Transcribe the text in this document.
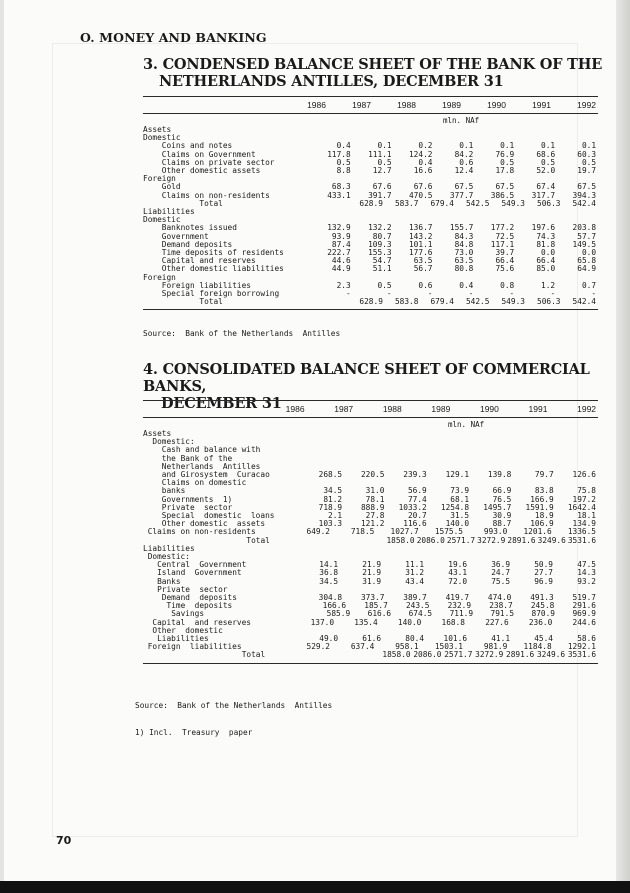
O. MONEY AND BANKING
3. CONDENSED BALANCE SHEET OF THE BANK OF THE
NETHERLANDS ANTILLES, DECEMBER 31
1986	1987	1988	1989	1990	1991	1992
mln. NAf
Assets
Domestic
Coins and notes	0.4	0.1	0.2	0.1	0.1	0.1	0.1
Claims on Government	117.8	111.1	124.2	84.2	76.9	68.6	60.3
Claims on private sector	0.5	0.5	0.4	0.6	0.5	0.5	0.5
Other domestic assets	8.8	12.7	16.6	12.4	17.8	52.0	19.7
Foreign
Gold	68.3	67.6	67.6	67.5	67.5	67.4	67.5
Claims on non-residents	433.1	391.7	470.5	377.7	386.5	317.7	394.3
Total	628.9	583.7	679.4	542.5	549.3	506.3	542.4
Liabilities
Domestic
Banknotes issued	132.9	132.2	136.7	155.7	177.2	197.6	203.8
Government	93.9	80.7	143.2	84.3	72.5	74.3	57.7
Demand deposits	87.4	109.3	101.1	84.8	117.1	81.8	149.5
Time deposits of residents	222.7	155.3	177.6	73.0	39.7	0.0	0.0
Capital and reserves	44.6	54.7	63.5	63.5	66.4	66.4	65.8
Other domestic liabilities	44.9	51.1	56.7	80.8	75.6	85.0	64.9
Foreign
Foreign liabilities	2.3	0.5	0.6	0.4	0.8	1.2	0.7
Special foreign borrowing	-	-	-	-	-	-	-
Total	628.9	583.8	679.4	542.5	549.3	506.3	542.4
Source:  Bank of the Netherlands  Antilles
4. CONSOLIDATED BALANCE SHEET OF COMMERCIAL BANKS,
DECEMBER 31 1986	1987	1988	1989	1990	1991	1992
mln. NAf
Assets
Domestic:
Cash and balance with
the Bank of the
Netherlands  Antilles
and Girosystem  Curacao	268.5	220.5	239.3	129.1	139.8	79.7	126.6
Claims on domestic
banks	34.5	31.0	56.9	73.9	66.9	83.8	75.8
Governments  1)	81.2	78.1	77.4	68.1	76.5	166.9	197.2
Private  sector	718.9	888.9	1033.2	1254.8	1495.7	1591.9	1642.4
Special  domestic  loans	2.1	27.8	20.7	31.5	30.9	18.9	18.1
Other domestic  assets	103.3	121.2	116.6	140.0	88.7	106.9	134.9
Claims on non-residents	649.2	718.5	1027.7	1575.5	993.0	1201.6	1336.5
Total	1858.0 2086.0 2571.7 3272.9 2891.6 3249.6 3531.6
Liabilities
Domestic:
Central  Government	14.1	21.9	11.1	19.6	36.9	50.9	47.5
Island  Government	36.8	21.9	31.2	43.1	24.7	27.7	14.3
Banks	34.5	31.9	43.4	72.0	75.5	96.9	93.2
Private  sector
Demand  deposits	304.8	373.7	389.7	419.7	474.0	491.3	519.7
Time  deposits	166.6	185.7	243.5	232.9	238.7	245.8	291.6
Savings	585.9	616.6	674.5	711.9	791.5	870.9	969.9
Capital  and reserves	137.0	135.4	140.0	168.8	227.6	236.0	244.6
Other  domestic
Liabilities	49.0	61.6	80.4	101.6	41.1	45.4	58.6
Foreign  liabilities	529.2	637.4	958.1	1503.1	981.9	1184.8	1292.1
Total	1858.0 2086.0 2571.7 3272.9 2891.6 3249.6 3531.6

Source:  Bank of the Netherlands  Antilles

1) Incl.  Treasury  paper

70
